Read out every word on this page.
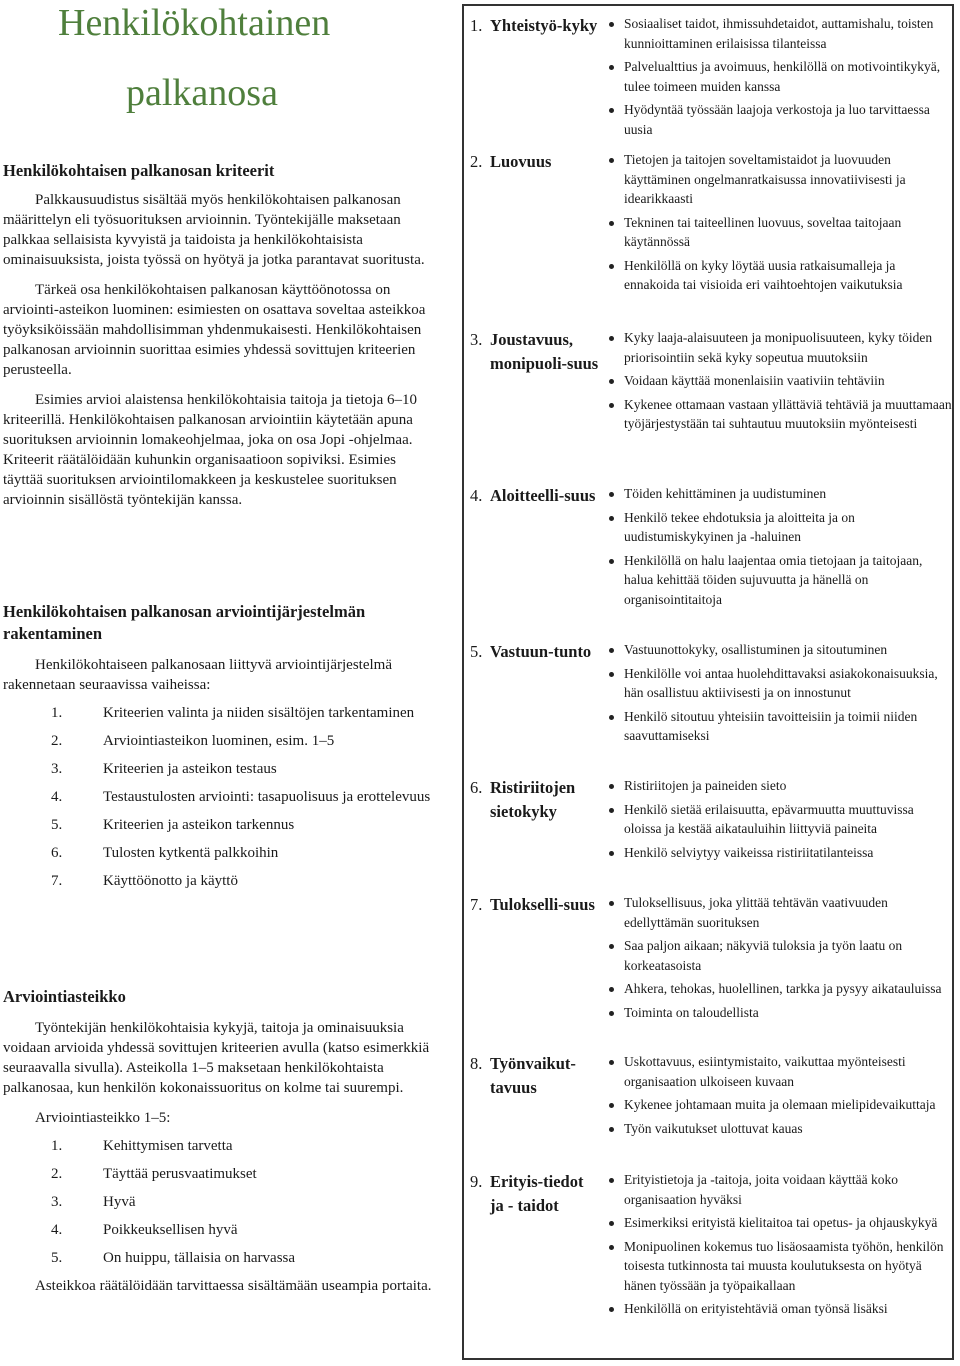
Henkilökohtainen
palkanosa
Henkilökohtaisen palkanosan kriteerit

Palkkausuudistus sisältää myös henkilökohtaisen palkanosan määrittelyn eli työsuorituksen arvioinnin. Työntekijälle maksetaan palkkaa sellaisista kyvyistä ja taidoista ja henkilökohtaisista ominaisuuksista, joista työssä on hyötyä ja jotka parantavat suoritusta.

Tärkeä osa henkilökohtaisen palkanosan käyttöönotossa on arviointi-asteikon luominen: esimiesten on osattava soveltaa asteikkoa työyksiköissään mahdollisimman yhdenmukaisesti. Henkilökohtaisen palkanosan arvioinnin suorittaa esimies yhdessä sovittujen kriteerien perusteella.

Esimies arvioi alaistensa henkilökohtaisia taitoja ja tietoja 6–10 kriteerillä. Henkilökohtaisen palkanosan arviointiin käytetään apuna suorituksen arvioinnin lomakeohjelmaa, joka on osa Jopi -ohjelmaa. Kriteerit räätälöidään kuhunkin organisaatioon sopiviksi. Esimies täyttää suorituksen arviointilomakkeen ja keskustelee suorituksen arvioinnin sisällöstä työntekijän kanssa.

Henkilökohtaisen palkanosan arviointijärjestelmän rakentaminen

Henkilökohtaiseen palkanosaan liittyvä arviointijärjestelmä rakennetaan seuraavissa vaiheissa:

1.	Kriteerien valinta ja niiden sisältöjen tarkentaminen
2.	Arviointiasteikon luominen, esim. 1–5
3.	Kriteerien ja asteikon testaus
4.	Testaustulosten arviointi: tasapuolisuus ja erottelevuus
5.	Kriteerien ja asteikon tarkennus
6.	Tulosten kytkentä palkkoihin
7.	Käyttöönotto ja käyttö
Arviointiasteikko

Työntekijän henkilökohtaisia kykyjä, taitoja ja ominaisuuksia voidaan arvioida yhdessä sovittujen kriteerien avulla (katso esimerkkiä seuraavalla sivulla). Asteikolla 1–5 maksetaan henkilökohtaista palkanosaa, kun henkilön kokonaissuoritus on kolme tai suurempi.

Arviointiasteikko 1–5:

1.	Kehittymisen tarvetta
2.	Täyttää perusvaatimukset
3.	Hyvä
4.	Poikkeuksellisen hyvä
5.	On huippu, tällaisia on harvassa

Asteikkoa räätälöidään tarvittaessa sisältämään useampia portaita.

1. Yhteistyö-kyky	Sosiaaliset taidot, ihmissuhdetaidot, auttamishalu, toisten kunnioittaminen erilaisissa tilanteissa
Palvelualttius ja avoimuus, henkilöllä on motivointikykyä, tulee toimeen muiden kanssa
Hyödyntää työssään laajoja verkostoja ja luo tarvittaessa uusia
2. Luovuus	Tietojen ja taitojen soveltamistaidot ja luovuuden käyttäminen ongelmanratkaisussa innovatiivisesti ja idearikkaasti
Tekninen tai taiteellinen luovuus, soveltaa taitojaan käytännössä
Henkilöllä on kyky löytää uusia ratkaisumalleja ja ennakoida tai visioida eri vaihtoehtojen vaikutuksia
3. Joustavuus, monipuoli-suus
Kyky laaja-alaisuuteen ja monipuolisuuteen, kyky töiden priorisointiin sekä kyky sopeutua muutoksiin
Voidaan käyttää monenlaisiin vaativiin tehtäviin
Kykenee ottamaan vastaan yllättäviä tehtäviä ja muuttamaan työjärjestystään tai suhtautuu muutoksiin myönteisesti
4. Aloitteelli-suus	Töiden kehittäminen ja uudistuminen
Henkilö tekee ehdotuksia ja aloitteita ja on uudistumiskykyinen ja -haluinen
Henkilöllä on halu laajentaa omia tietojaan ja taitojaan, halua kehittää töiden sujuvuutta ja hänellä on organisointitaitoja
5. Vastuun-tunto	Vastuunottokyky, osallistuminen ja sitoutuminen
Henkilölle voi antaa huolehdittavaksi asiakokonaisuuksia, hän osallistuu aktiivisesti ja on innostunut
Henkilö sitoutuu yhteisiin tavoitteisiin ja toimii niiden saavuttamiseksi
6. Ristiriitojen sietokyky
Ristiriitojen ja paineiden sieto
Henkilö sietää erilaisuutta, epävarmuutta muuttuvissa oloissa ja kestää aikatauluihin liittyviä paineita
Henkilö selviytyy vaikeissa ristiriitatilanteissa
7. Tulokselli-suus	Tuloksellisuus, joka ylittää tehtävän vaativuuden edellyttämän suorituksen
Saa paljon aikaan; näkyviä tuloksia ja työn laatu on korkeatasoista
Ahkera, tehokas, huolellinen, tarkka ja pysyy aikatauluissa
Toiminta on taloudellista
8. Työnvaikut-tavuus
Uskottavuus, esiintymistaito, vaikuttaa myönteisesti organisaation ulkoiseen kuvaan
Kykenee johtamaan muita ja olemaan mielipidevaikuttaja
Työn vaikutukset ulottuvat kauas
9. Erityis-tiedot ja - taidot
Erityistietoja ja -taitoja, joita voidaan käyttää koko organisaation hyväksi
Esimerkiksi erityistä kielitaitoa tai opetus- ja ohjauskykyä
Monipuolinen kokemus tuo lisäosaamista työhön, henkilön toisesta tutkinnosta tai muusta koulutuksesta on hyötyä hänen työssään ja työpaikallaan
Henkilöllä on erityistehtäviä oman työnsä lisäksi
